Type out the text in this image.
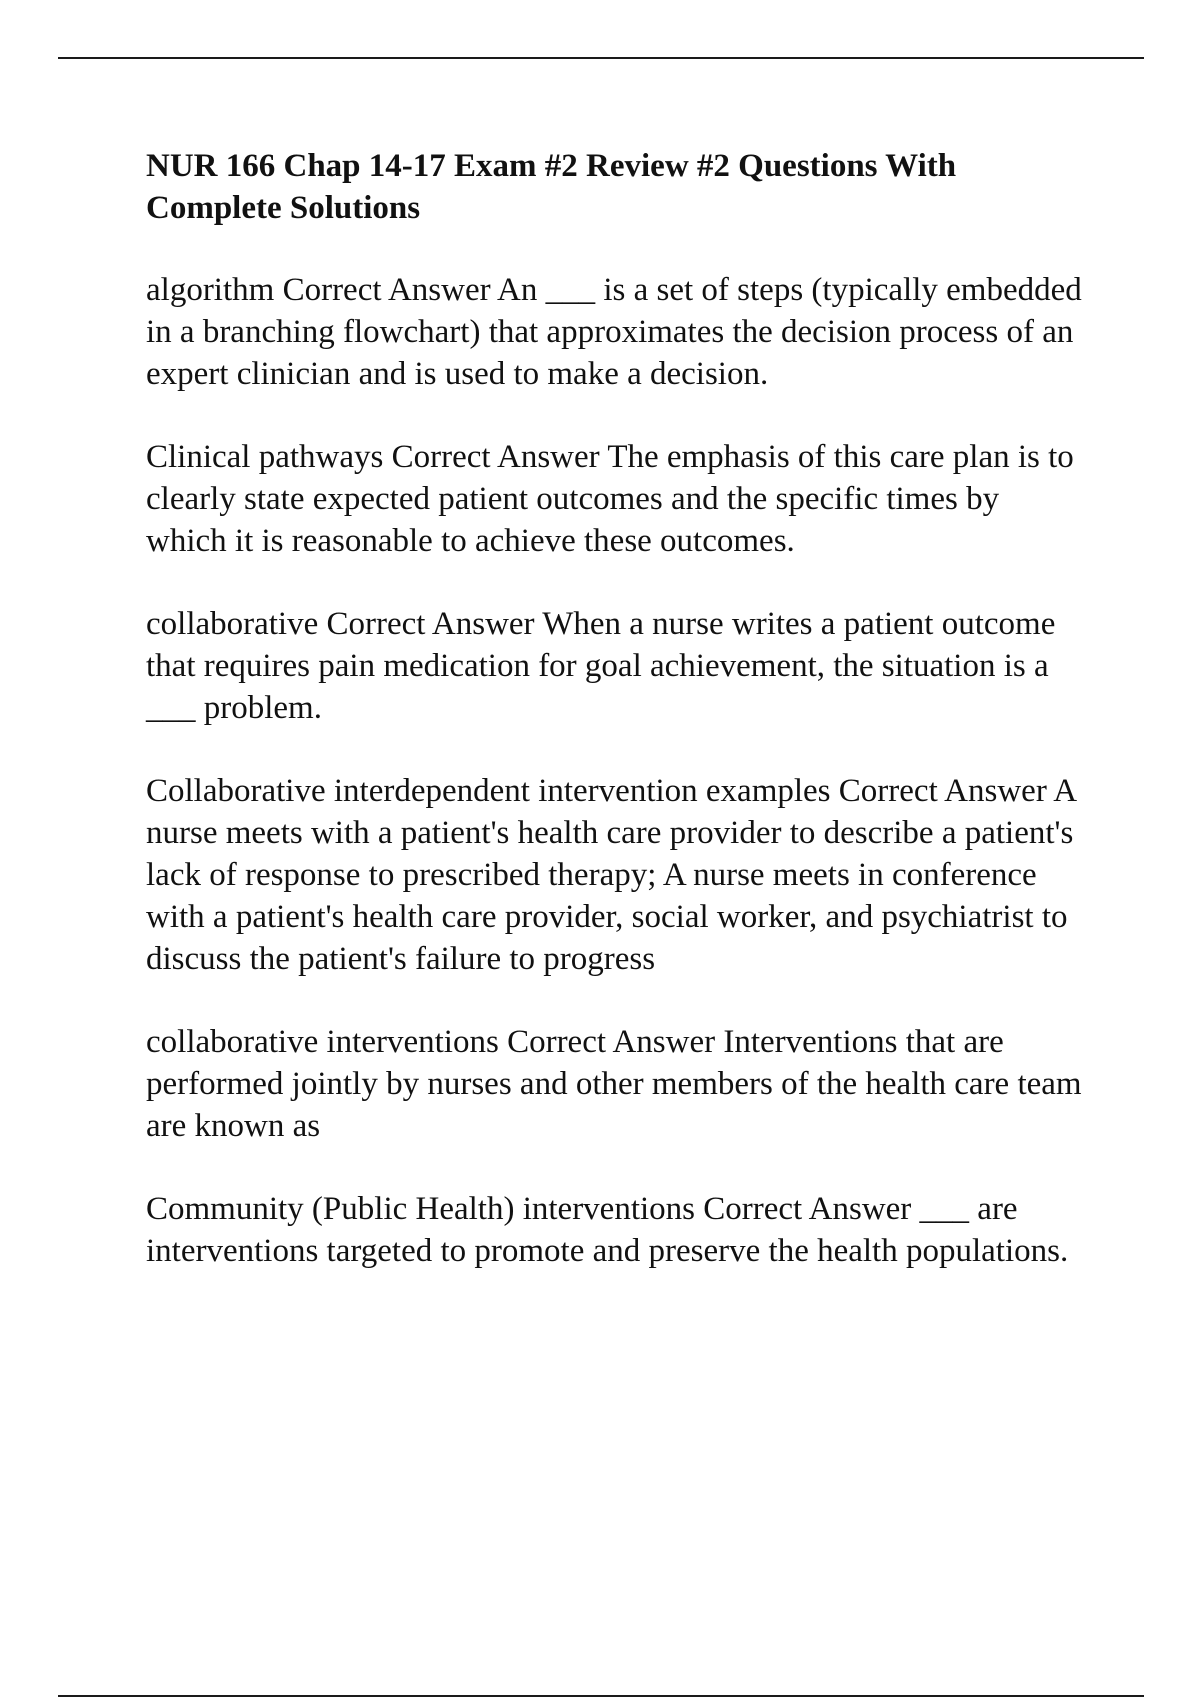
NUR 166 Chap 14-17 Exam #2 Review #2 Questions With Complete Solutions

algorithm Correct Answer An ___ is a set of steps (typically embedded in a branching flowchart) that approximates the decision process of an expert clinician and is used to make a decision.

Clinical pathways Correct Answer The emphasis of this care plan is to clearly state expected patient outcomes and the specific times by which it is reasonable to achieve these outcomes.

collaborative Correct Answer When a nurse writes a patient outcome that requires pain medication for goal achievement, the situation is a ___ problem.

Collaborative interdependent intervention examples Correct Answer A nurse meets with a patient's health care provider to describe a patient's lack of response to prescribed therapy; A nurse meets in conference with a patient's health care provider, social worker, and psychiatrist to discuss the patient's failure to progress

collaborative interventions Correct Answer Interventions that are performed jointly by nurses and other members of the health care team are known as

Community (Public Health) interventions Correct Answer ___ are interventions targeted to promote and preserve the health populations.
